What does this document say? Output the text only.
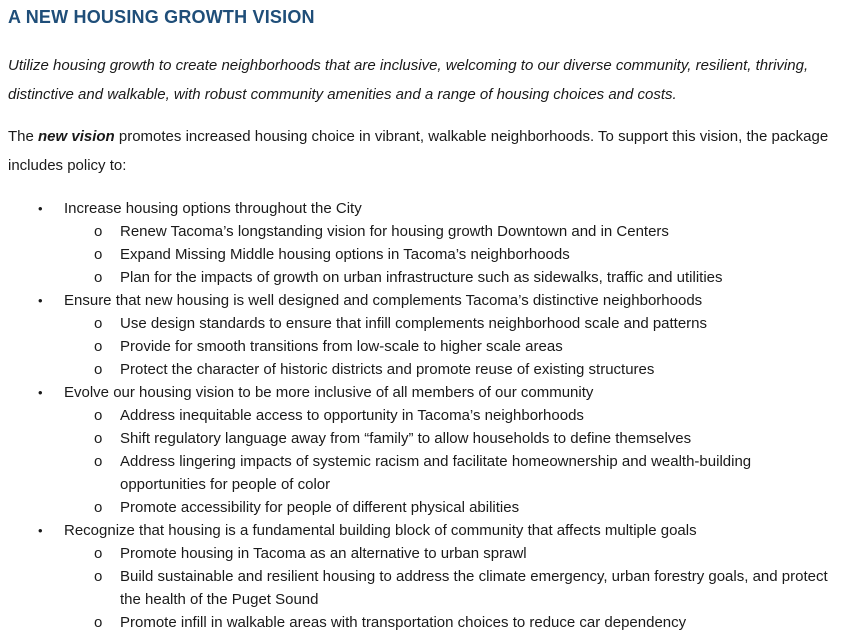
A NEW HOUSING GROWTH VISION

Utilize housing growth to create neighborhoods that are inclusive, welcoming to our diverse community, resilient, thriving, distinctive and walkable, with robust community amenities and a range of housing choices and costs.

The new vision promotes increased housing choice in vibrant, walkable neighborhoods. To support this vision, the package includes policy to:

•	Increase housing options throughout the City
o	Renew Tacoma’s longstanding vision for housing growth Downtown and in Centers
o	Expand Missing Middle housing options in Tacoma’s neighborhoods
o	Plan for the impacts of growth on urban infrastructure such as sidewalks, traffic and utilities
•	Ensure that new housing is well designed and complements Tacoma’s distinctive neighborhoods
o	Use design standards to ensure that infill complements neighborhood scale and patterns
o	Provide for smooth transitions from low-scale to higher scale areas
o	Protect the character of historic districts and promote reuse of existing structures
•	Evolve our housing vision to be more inclusive of all members of our community
o	Address inequitable access to opportunity in Tacoma’s neighborhoods
o	Shift regulatory language away from “family” to allow households to define themselves
o	Address lingering impacts of systemic racism and facilitate homeownership and wealth-building opportunities for people of color
o	Promote accessibility for people of different physical abilities
•	Recognize that housing is a fundamental building block of community that affects multiple goals
o	Promote housing in Tacoma as an alternative to urban sprawl
o	Build sustainable and resilient housing to address the climate emergency, urban forestry goals, and protect the health of the Puget Sound
o	Promote infill in walkable areas with transportation choices to reduce car dependency
